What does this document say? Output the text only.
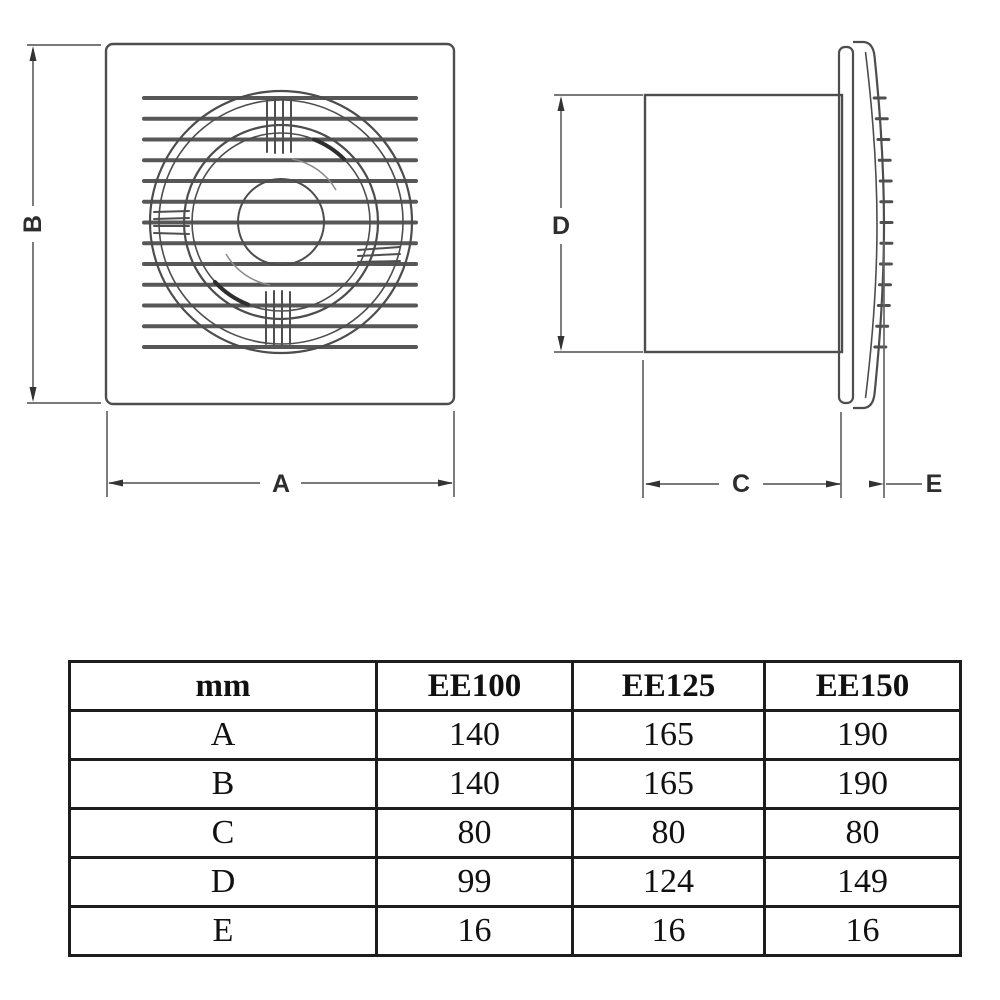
B
A
D
C	E
mm	EE100	EE125	EE150
A	140	165	190
B	140	165	190
C	80	80	80
D	99	124	149
E	16	16	16
